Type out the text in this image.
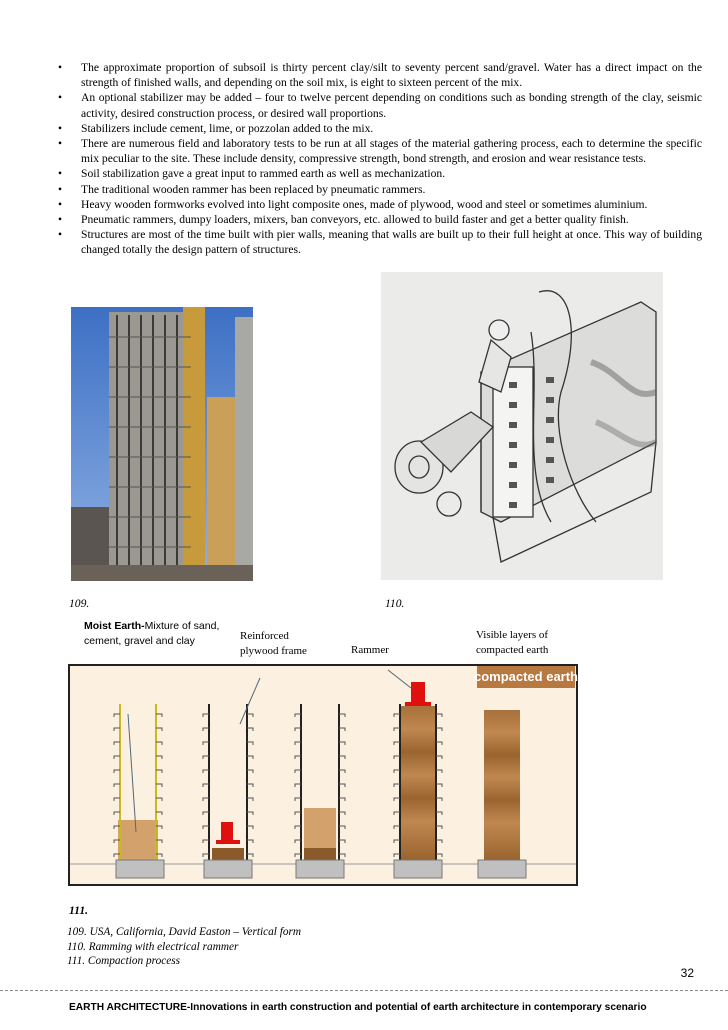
• The approximate proportion of subsoil is thirty percent clay/silt to seventy percent sand/gravel. Water has a direct impact on the strength of finished walls, and depending on the soil mix, is eight to sixteen percent of the mix.
• An optional stabilizer may be added – four to twelve percent depending on conditions such as bonding strength of the clay, seismic activity, desired construction process, or desired wall proportions.
• Stabilizers include cement, lime, or pozzolan added to the mix.
• There are numerous field and laboratory tests to be run at all stages of the material gathering process, each to determine the specific mix peculiar to the site. These include density, compressive strength, bond strength, and erosion and wear resistance tests.
• Soil stabilization gave a great input to rammed earth as well as mechanization.
• The traditional wooden rammer has been replaced by pneumatic rammers.
• Heavy wooden formworks evolved into light composite ones, made of plywood, wood and steel or sometimes aluminium.
• Pneumatic rammers, dumpy loaders, mixers, ban conveyors, etc. allowed to build faster and get a better quality finish.
• Structures are most of the time built with pier walls, meaning that walls are built up to their full height at once. This way of building changed totally the design pattern of structures.
109.	110.
Moist Earth-Mixture of sand,
cement, gravel and clay	Reinforced
plywood frame	Rammer
Visible layers of
compacted earth
compacted earth
111.
109. USA, California, David Easton – Vertical form
110. Ramming with electrical rammer
111. Compaction process
32
EARTH ARCHITECTURE-Innovations in earth construction and potential of earth architecture in contemporary scenario
